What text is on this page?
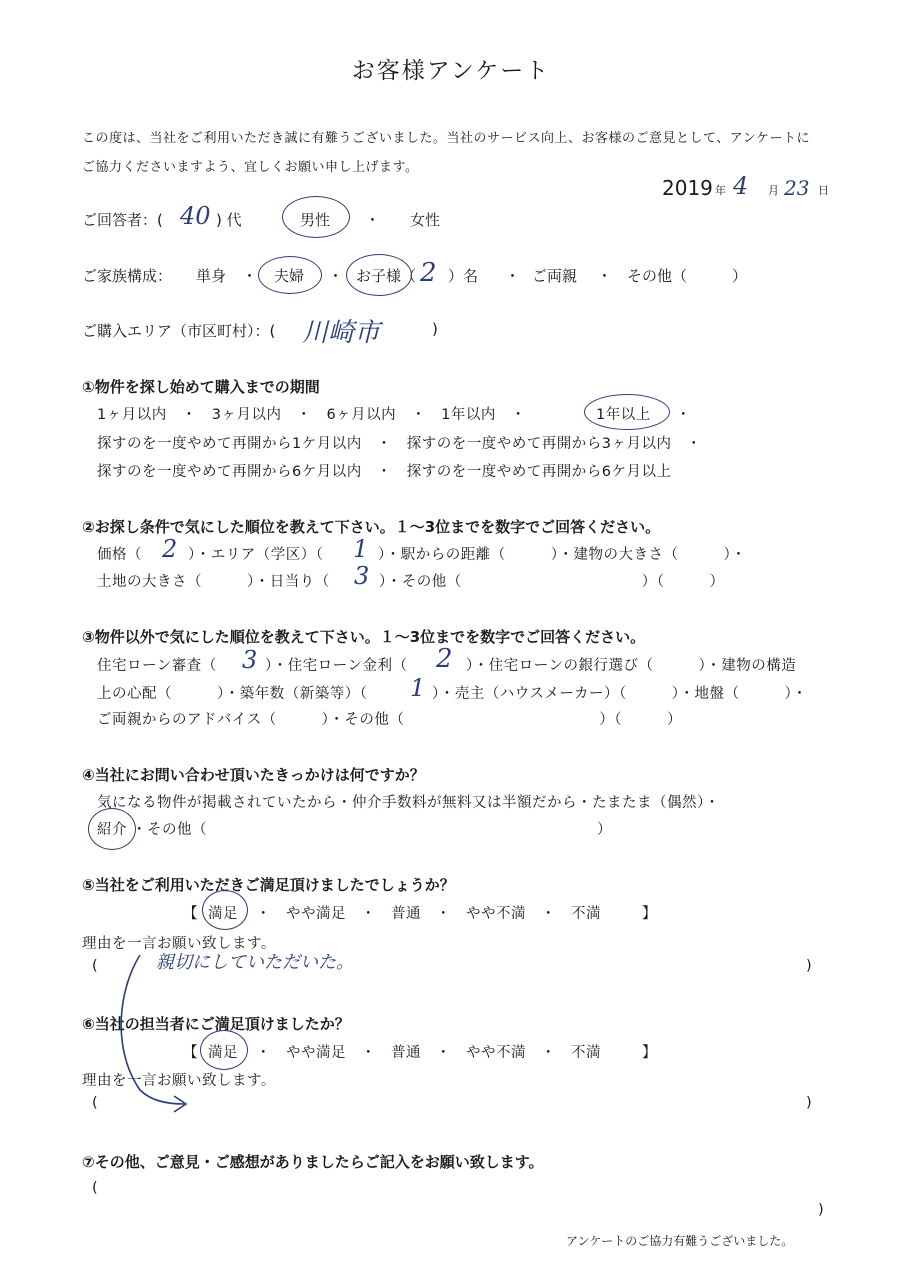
お客様アンケート
この度は、当社をご利用いただき誠に有難うございました。当社のサービス向上、お客様のご意見として、アンケートに
ご協力くださいますよう、宜しくお願い申し上げます。
2019 年 4 月 23 日
ご回答者：( 40 ) 代	男性 ・ 女性
ご家族構成： 単身 ・ 夫婦 ・ お子様（ 2 ）名 ・ ご両親 ・ その他（　　　）
ご購入エリア（市区町村）：( 川崎市	)
①物件を探し始めて購入までの期間
1ヶ月以内　・　3ヶ月以内　・　6ヶ月以内　・　1年以内　・	1年以上 ・
探すのを一度やめて再開から1ケ月以内　・　探すのを一度やめて再開から3ヶ月以内　・
探すのを一度やめて再開から6ケ月以内　・　探すのを一度やめて再開から6ケ月以上
②お探し条件で気にした順位を教えて下さい。１～3位までを数字でご回答ください。
価格（ 2 ）・エリア（学区）（ 1 ）・駅からの距離（　　　）・建物の大きさ（　　　）・
土地の大きさ（　　　）・日当り（ 3 ）・その他（　　　　　　　　　　　　）（　　　）
③物件以外で気にした順位を教えて下さい。１～3位までを数字でご回答ください。
住宅ローン審査（ 3 ）・住宅ローン金利（ 2 ）・住宅ローンの銀行選び（　　　）・建物の構造
上の心配（　　　）・築年数（新築等）（ 1 ）・売主（ハウスメーカー）（　　　）・地盤（　　　）・
ご両親からのアドバイス（　　　）・その他（　　　　　　　　　　　　　）（　　　）
④当社にお問い合わせ頂いたきっかけは何ですか？
気になる物件が掲載されていたから・仲介手数料が無料又は半額だから・たまたま（偶然）・
紹介 ・その他（　　　　　　　　　　　　　　　　　　　　　　　　　　）
⑤当社をご利用いただきご満足頂けましたでしょうか？
【 満足 ・　やや満足　・　普通　・　やや不満　・　不満	】
理由を一言お願い致します。
(	親切にしていただいた。	)
⑥当社の担当者にご満足頂けましたか？
【 満足 ・　やや満足　・　普通　・　やや不満　・　不満	】
理由を一言お願い致します。
(	)
⑦その他、ご意見・ご感想がありましたらご記入をお願い致します。
(
)
アンケートのご協力有難うございました。
